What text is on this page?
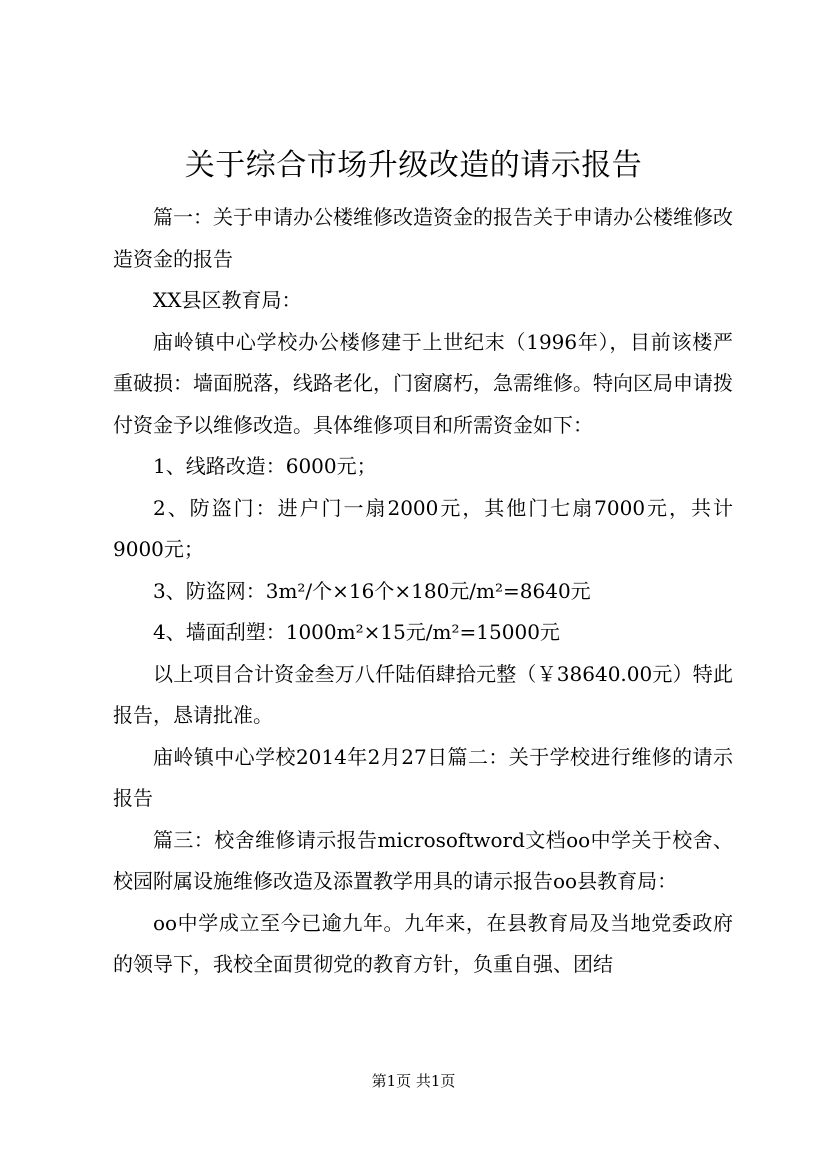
关于综合市场升级改造的请示报告

篇一：关于申请办公楼维修改造资金的报告关于申请办公楼维修改造资金的报告

XX县区教育局：

庙岭镇中心学校办公楼修建于上世纪末（1996年），目前该楼严重破损：墙面脱落，线路老化，门窗腐朽，急需维修。特向区局申请拨付资金予以维修改造。具体维修项目和所需资金如下：

1、线路改造：6000元；

2、防盗门：进户门一扇2000元，其他门七扇7000元，共计9000元；

3、防盗网：3m²/个×16个×180元/m²=8640元

4、墙面刮塑：1000m²×15元/m²=15000元

以上项目合计资金叁万八仟陆佰肆拾元整（￥38640.00元）特此报告，恳请批准。

庙岭镇中心学校2014年2月27日篇二：关于学校进行维修的请示报告

篇三：校舍维修请示报告microsoftword文档oo中学关于校舍、校园附属设施维修改造及添置教学用具的请示报告oo县教育局：

oo中学成立至今已逾九年。九年来，在县教育局及当地党委政府的领导下，我校全面贯彻党的教育方针，负重自强、团结

第1页 共1页
